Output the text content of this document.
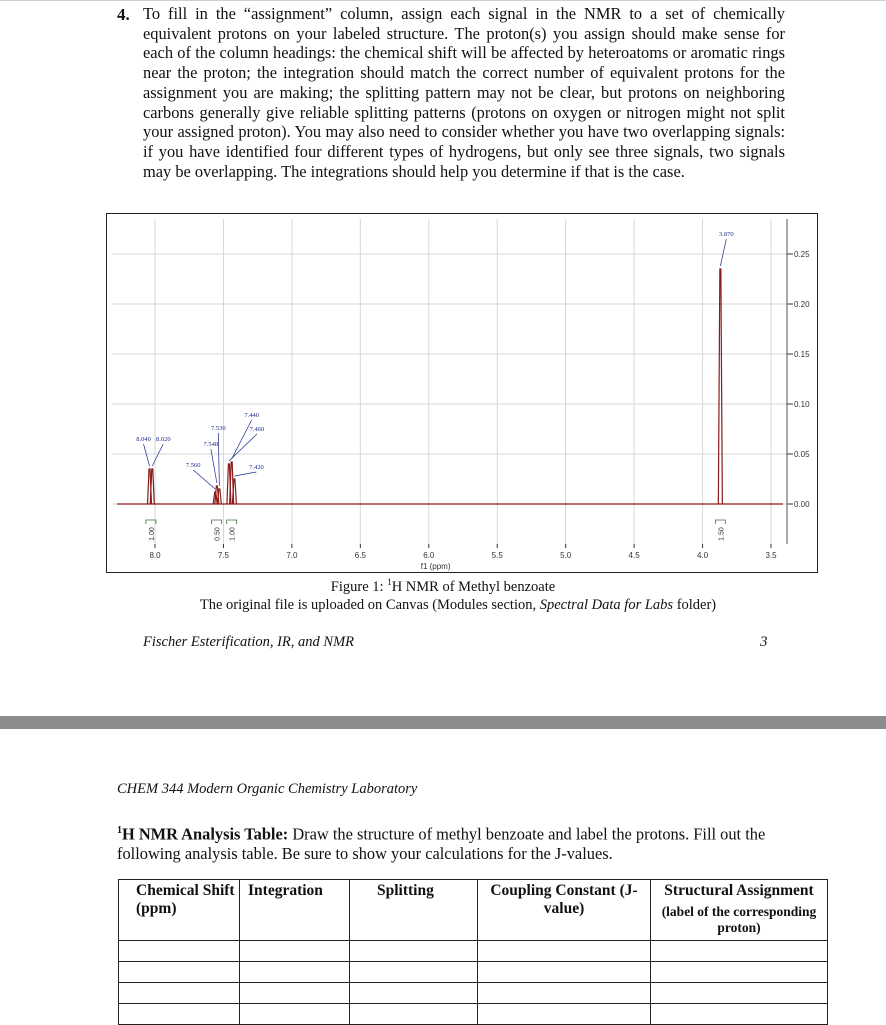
4. To fill in the “assignment” column, assign each signal in the NMR to a set of chemically equivalent protons on your labeled structure. The proton(s) you assign should make sense for each of the column headings: the chemical shift will be affected by heteroatoms or aromatic rings near the proton; the integration should match the correct number of equivalent protons for the assignment you are making; the splitting pattern may not be clear, but protons on neighboring carbons generally give reliable splitting patterns (protons on oxygen or nitrogen might not split your assigned proton). You may also need to consider whether you have two overlapping signals: if you have identified four different types of hydrogens, but only see three signals, two signals may be overlapping. The integrations should help you determine if that is the case.
0.25
0.20
0.15
0.10
0.05
0.00
8.0	7.5	7.0	6.5	6.0	5.5	5.0	4.5	4.0	3.5
f1 (ppm)
8.040 8.020
7.560
7.548
7.530	7.460
7.440
7.420
3.870
1.00	0.50 1.00	1.50
Figure 1: $^1$H NMR of Methyl benzoate
The original file is uploaded on Canvas (Modules section, Spectral Data for Labs folder)
Fischer Esterification, IR, and NMR	3
CHEM 344 Modern Organic Chemistry Laboratory
$^1$H NMR Analysis Table: Draw the structure of methyl benzoate and label the protons. Fill out the following analysis table. Be sure to show your calculations for the J-values.
Chemical Shift (ppm)	Integration	Splitting	Coupling Constant (J-value)	Structural Assignment
(label of the corresponding proton)
